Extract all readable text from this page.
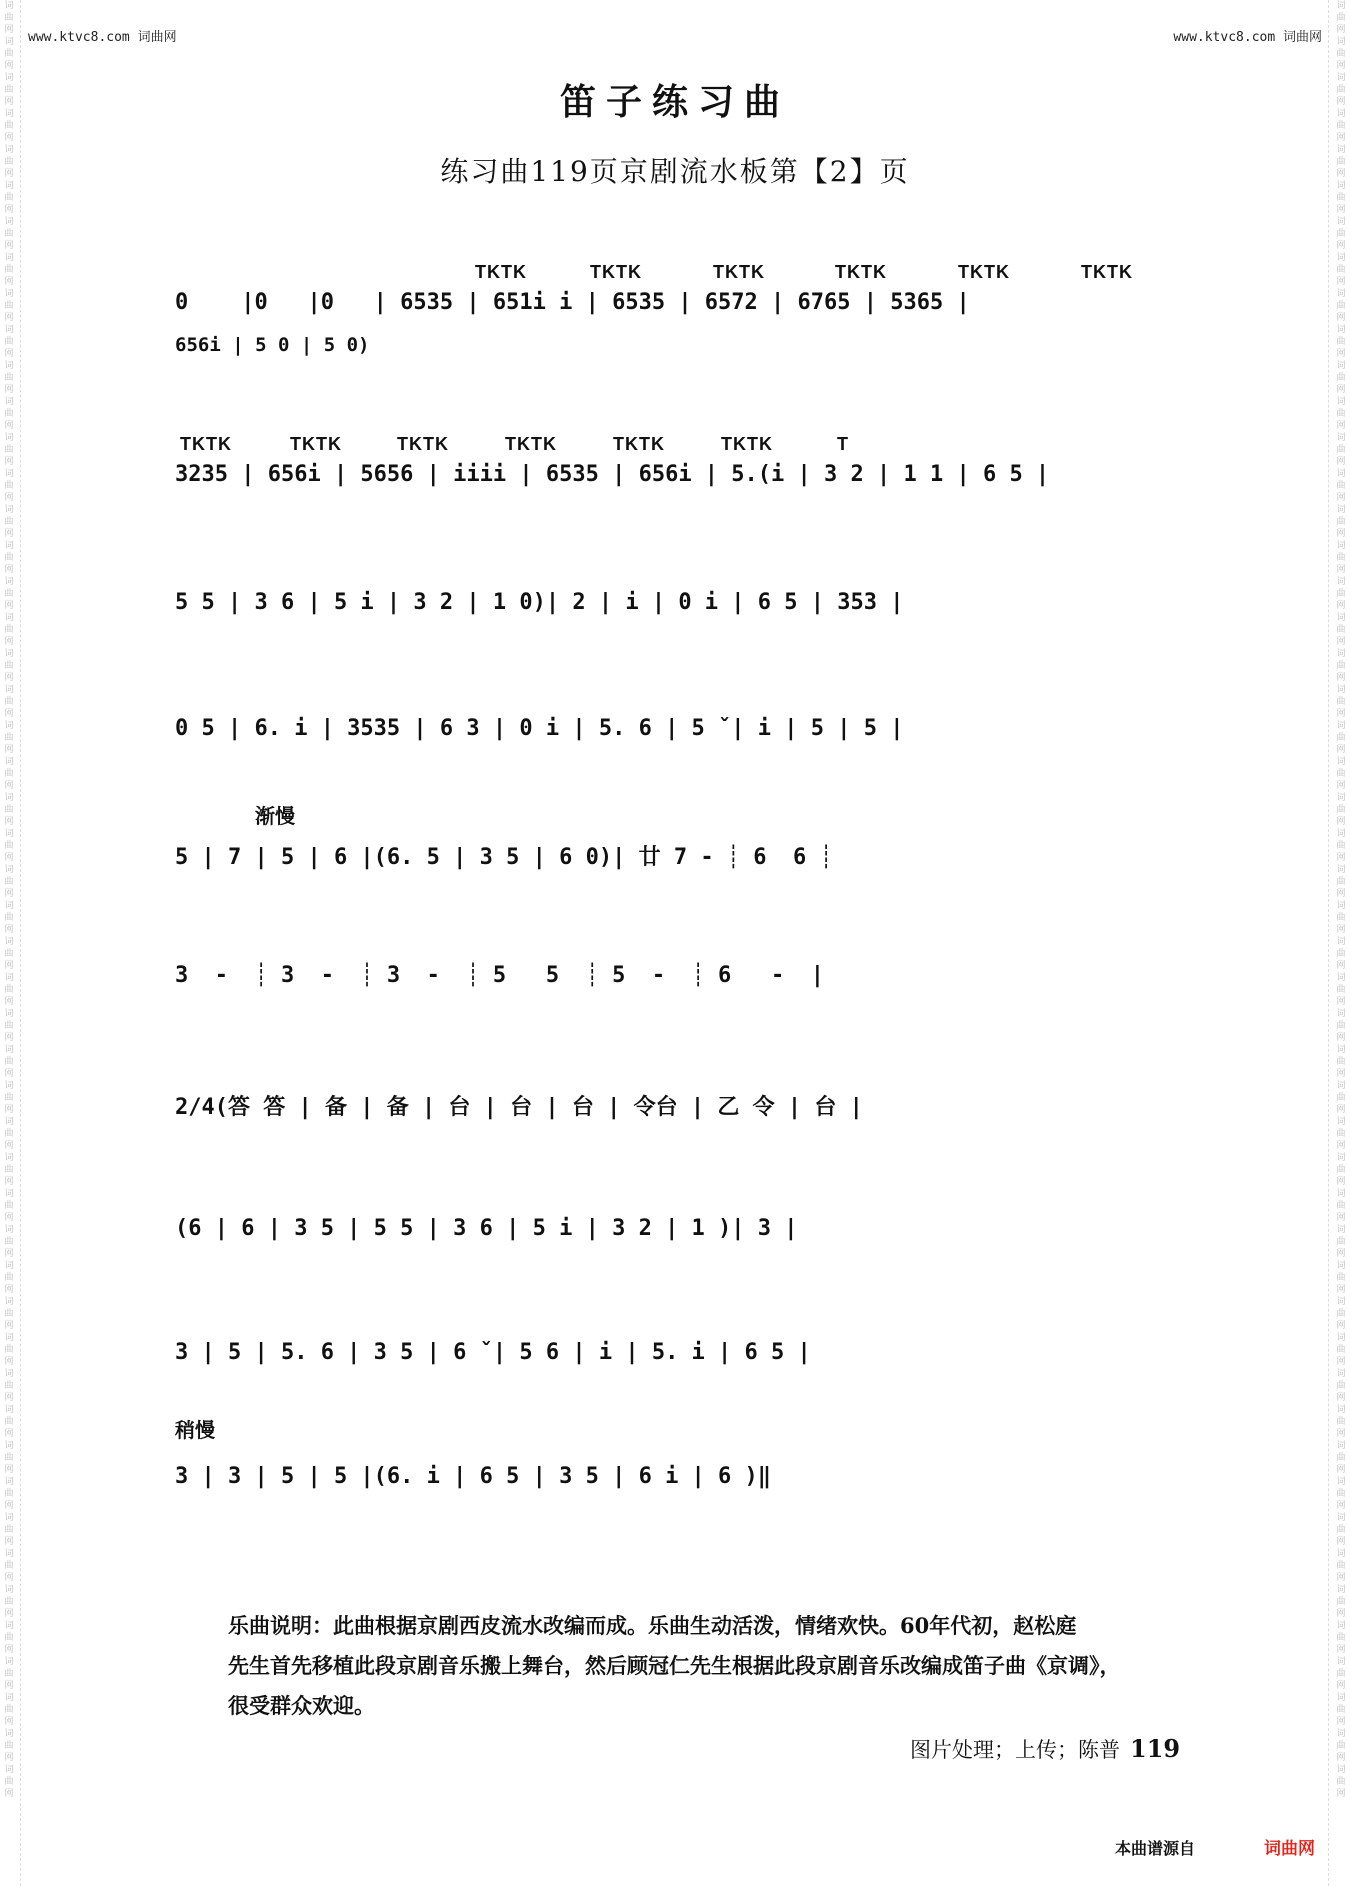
词曲网词曲网词曲网词曲网词曲网词曲网词曲网词曲网词曲网词曲网词曲网词曲网词曲网词曲网词曲网词曲网词曲网词曲网词曲网词曲网词曲网词曲网词曲网词曲网词曲网词曲网词曲网词曲网词曲网词曲网词曲网词曲网词曲网词曲网词曲网词曲网词曲网词曲网词曲网词曲网词曲网词曲网词曲网词曲网词曲网词曲网词曲网词曲网词曲网词曲网
词曲网词曲网词曲网词曲网词曲网词曲网词曲网词曲网词曲网词曲网词曲网词曲网词曲网词曲网词曲网词曲网词曲网词曲网词曲网词曲网词曲网词曲网词曲网词曲网词曲网词曲网词曲网词曲网词曲网词曲网词曲网词曲网词曲网词曲网词曲网词曲网词曲网词曲网词曲网词曲网词曲网词曲网词曲网词曲网词曲网词曲网词曲网词曲网词曲网词曲网
www.ktvc8.com 词曲网	www.ktvc8.com 词曲网
笛子练习曲
练习曲119页京剧流水板第【2】页
TKTK	TKTK	TKTK	TKTK	TKTK	TKTK
0    |0   |0   | 6535 | 651i i | 6535 | 6572 | 6765 | 5365 |
656i | 5 0 | 5 0)
TKTK	TKTK	TKTK	TKTK	TKTK	TKTK	T
3235 | 656i | 5656 | iiii | 6535 | 656i | 5.(i | 3 2 | 1 1 | 6 5 |
5 5 | 3 6 | 5 i | 3 2 | 1 0)| 2 | i | 0 i | 6 5 | 353 |
0 5 | 6. i | 3535 | 6 3 | 0 i | 5. 6 | 5 ˇ| i | 5 | 5 |
渐慢
5 | 7 | 5 | 6 |(6. 5 | 3 5 | 6 0)| 廿 7 - ┊ 6  6 ┊
3  -  ┊ 3  -  ┊ 3  -  ┊ 5   5  ┊ 5  -  ┊ 6   -  |
2/4(答 答 | 备 | 备 | 台 | 台 | 台 | 令台 | 乙 令 | 台 |
(6 | 6 | 3 5 | 5 5 | 3 6 | 5 i | 3 2 | 1 )| 3 |
3 | 5 | 5. 6 | 3 5 | 6 ˇ| 5 6 | i | 5. i | 6 5 |
稍慢
3 | 3 | 5 | 5 |(6. i | 6 5 | 3 5 | 6 i | 6 )‖
乐曲说明：此曲根据京剧西皮流水改编而成。乐曲生动活泼，情绪欢快。60年代初，赵松庭
先生首先移植此段京剧音乐搬上舞台，然后顾冠仁先生根据此段京剧音乐改编成笛子曲《京调》，
很受群众欢迎。
图片处理；上传；陈普 119
本曲谱源自	词曲网
